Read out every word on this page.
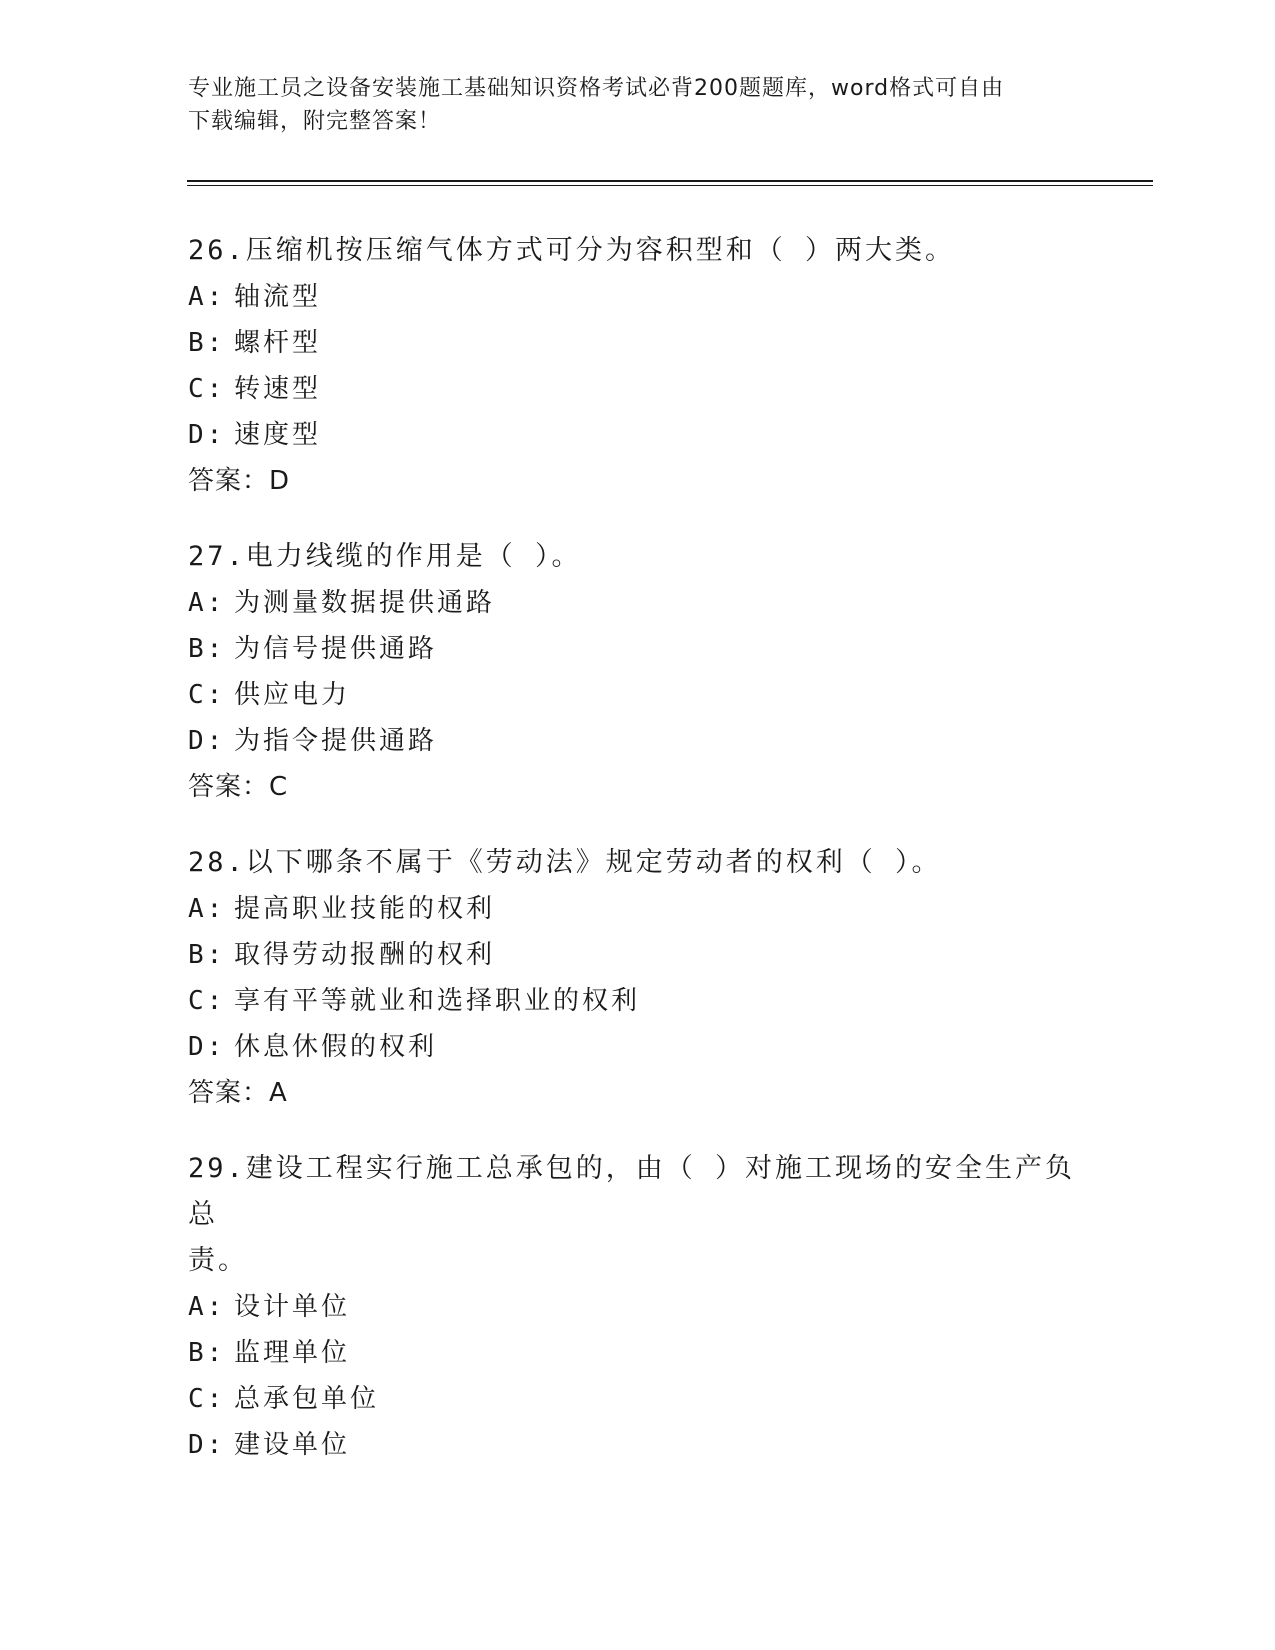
专业施工员之设备安装施工基础知识资格考试必背200题题库，word格式可自由
下载编辑，附完整答案！
26.压缩机按压缩气体方式可分为容积型和（ ）两大类。
A: 轴流型
B: 螺杆型
C: 转速型
D: 速度型
答案：D
27.电力线缆的作用是（ ）。
A: 为测量数据提供通路
B: 为信号提供通路
C: 供应电力
D: 为指令提供通路
答案：C
28.以下哪条不属于《劳动法》规定劳动者的权利（ ）。
A: 提高职业技能的权利
B: 取得劳动报酬的权利
C: 享有平等就业和选择职业的权利
D: 休息休假的权利
答案：A
29.建设工程实行施工总承包的，由（ ）对施工现场的安全生产负总
责。
A: 设计单位
B: 监理单位
C: 总承包单位
D: 建设单位
